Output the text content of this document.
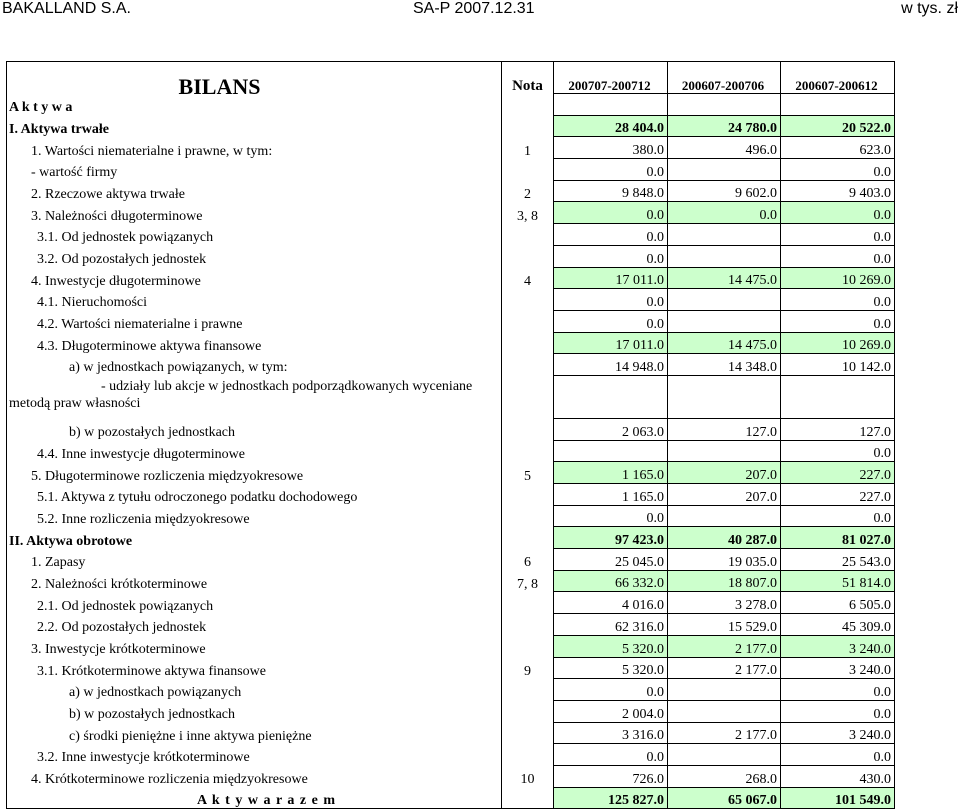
BAKALLAND S.A.	SA-P 2007.12.31	w tys. zł
BILANS	Nota	200707-200712	200607-200706	200607-200612
A k t y w a				
I. Aktywa trwałe		28 404.0	24 780.0	20 522.0
1. Wartości niematerialne i prawne, w tym:	1	380.0	496.0	623.0
- wartość firmy		0.0		0.0
2. Rzeczowe aktywa trwałe	2	9 848.0	9 602.0	9 403.0
3. Należności długoterminowe	3, 8	0.0	0.0	0.0
3.1. Od jednostek powiązanych		0.0		0.0
3.2. Od pozostałych jednostek		0.0		0.0
4. Inwestycje długoterminowe	4	17 011.0	14 475.0	10 269.0
4.1. Nieruchomości		0.0		0.0
4.2. Wartości niematerialne i prawne		0.0		0.0
4.3. Długoterminowe aktywa finansowe		17 011.0	14 475.0	10 269.0
a) w jednostkach powiązanych, w tym:		14 948.0	14 348.0	10 142.0

- udziały lub akcje w jednostkach podporządkowanych wyceniane
metodą praw własności				

b) w pozostałych jednostkach		2 063.0	127.0	127.0
4.4. Inne inwestycje długoterminowe				0.0
5. Długoterminowe rozliczenia międzyokresowe	5	1 165.0	207.0	227.0
5.1. Aktywa z tytułu odroczonego podatku dochodowego		1 165.0	207.0	227.0
5.2. Inne rozliczenia międzyokresowe		0.0		0.0
II. Aktywa obrotowe		97 423.0	40 287.0	81 027.0
1. Zapasy	6	25 045.0	19 035.0	25 543.0
2. Należności krótkoterminowe	7, 8	66 332.0	18 807.0	51 814.0
2.1. Od jednostek powiązanych		4 016.0	3 278.0	6 505.0
2.2. Od pozostałych jednostek		62 316.0	15 529.0	45 309.0
3. Inwestycje krótkoterminowe		5 320.0	2 177.0	3 240.0
3.1. Krótkoterminowe aktywa finansowe	9	5 320.0	2 177.0	3 240.0
a) w jednostkach powiązanych		0.0		0.0
b) w pozostałych jednostkach		2 004.0		0.0
c) środki pieniężne i inne aktywa pieniężne		3 316.0	2 177.0	3 240.0
3.2. Inne inwestycje krótkoterminowe		0.0		0.0
4. Krótkoterminowe rozliczenia międzyokresowe	10	726.0	268.0	430.0
A k t y w a r a z e m		125 827.0	65 067.0	101 549.0
